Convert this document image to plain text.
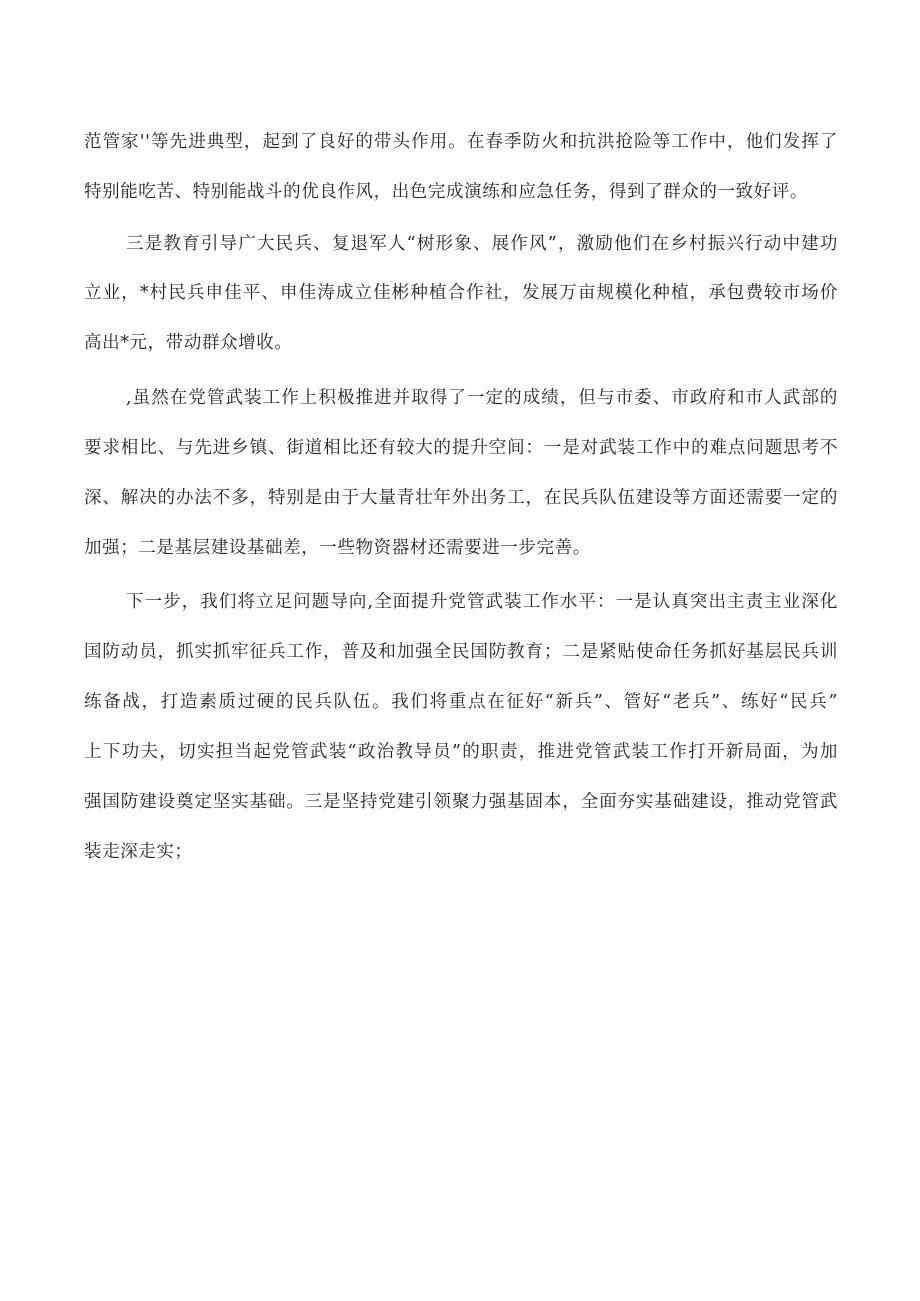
范管家''等先进典型，起到了良好的带头作用。在春季防火和抗洪抢险等工作中，他们发挥了
特别能吃苦、特别能战斗的优良作风，出色完成演练和应急任务，得到了群众的一致好评。
三是教育引导广大民兵、复退军人“树形象、展作风”，激励他们在乡村振兴行动中建功
立业，*村民兵申佳平、申佳涛成立佳彬种植合作社，发展万亩规模化种植，承包费较市场价
高出*元，带动群众增收。
,虽然在党管武装工作上积极推进并取得了一定的成绩，但与市委、市政府和市人武部的
要求相比、与先进乡镇、街道相比还有较大的提升空间：一是对武装工作中的难点问题思考不
深、解决的办法不多，特别是由于大量青壮年外出务工，在民兵队伍建设等方面还需要一定的
加强；二是基层建设基础差，一些物资器材还需要进一步完善。
下一步，我们将立足问题导向,全面提升党管武装工作水平：一是认真突出主责主业深化
国防动员，抓实抓牢征兵工作，普及和加强全民国防教育；二是紧贴使命任务抓好基层民兵训
练备战，打造素质过硬的民兵队伍。我们将重点在征好“新兵”、管好“老兵”、练好“民兵”
上下功夫，切实担当起党管武装“政治教导员”的职责，推进党管武装工作打开新局面，为加
强国防建设奠定坚实基础。三是坚持党建引领聚力强基固本，全面夯实基础建设，推动党管武
装走深走实；
